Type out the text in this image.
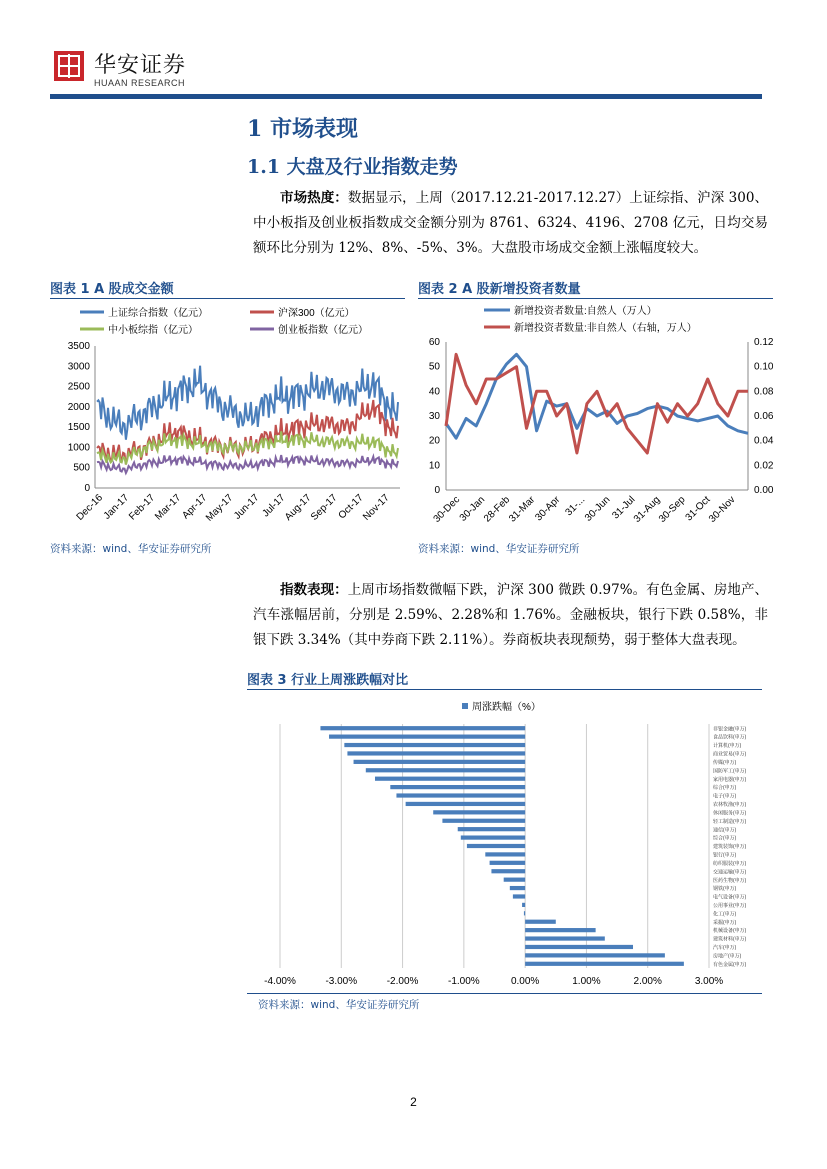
华安证券
HUAAN RESEARCH
1 市场表现
1.1 大盘及行业指数走势
市场热度：数据显示，上周（2017.12.21-2017.12.27）上证综指、沪深 300、中小板指及创业板指数成交金额分别为 8761、6324、4196、2708 亿元，日均交易额环比分别为 12%、8%、-5%、3%。大盘股市场成交金额上涨幅度较大。
图表 1 A 股成交金额
上证综合指数（亿元）	沪深300（亿元）
中小板综指（亿元）	创业板指数（亿元）
0
500
1000
1500
2000
2500
3000
3500
Dec-16
Jan-17
Feb-17
Mar-17
Apr-17
May-17
Jun-17 Jul-17
Aug-17
Sep-17
Oct-17
Nov-17
资料来源：wind、华安证券研究所
图表 2 A 股新增投资者数量
新增投资者数量:自然人（万人）
新增投资者数量:非自然人（右轴，万人）
0
10
20
30
40
50
60
0.00
0.02
0.04
0.06
0.08
0.10
0.12
30-Dec
30-Jan
28-Feb
31-Mar
30-Apr 31-...
30-Jun
31-Jul
31-Aug
30-Sep
31-Oct
30-Nov
资料来源：wind、华安证券研究所
指数表现：上周市场指数微幅下跌，沪深 300 微跌 0.97%。有色金属、房地产、汽车涨幅居前，分别是 2.59%、2.28%和 1.76%。金融板块，银行下跌 0.58%，非银下跌 3.34%（其中券商下跌 2.11%）。券商板块表现颓势，弱于整体大盘表现。
图表 3 行业上周涨跌幅对比
周涨跌幅（%）
-4.00%	-3.00%	-2.00%	-1.00%	0.00%	1.00%	2.00%	3.00%
非银金融(申万)
食品饮料(申万)
计算机(申万)
商业贸易(申万)
传媒(申万)
国防军工(申万)
家用电器(申万)
综合(申万)
电子(申万)
农林牧渔(申万)
休闲服务(申万)
轻工制造(申万)
通信(申万)
综合(申万)
建筑装饰(申万)
银行(申万)
纺织服装(申万)
交通运输(申万)
医药生物(申万)
钢铁(申万)
电气设备(申万)
公用事业(申万)
化工(申万)
采掘(申万)
机械设备(申万)
建筑材料(申万)
汽车(申万)
房地产(申万)
有色金属(申万)
资料来源：wind、华安证券研究所
2
